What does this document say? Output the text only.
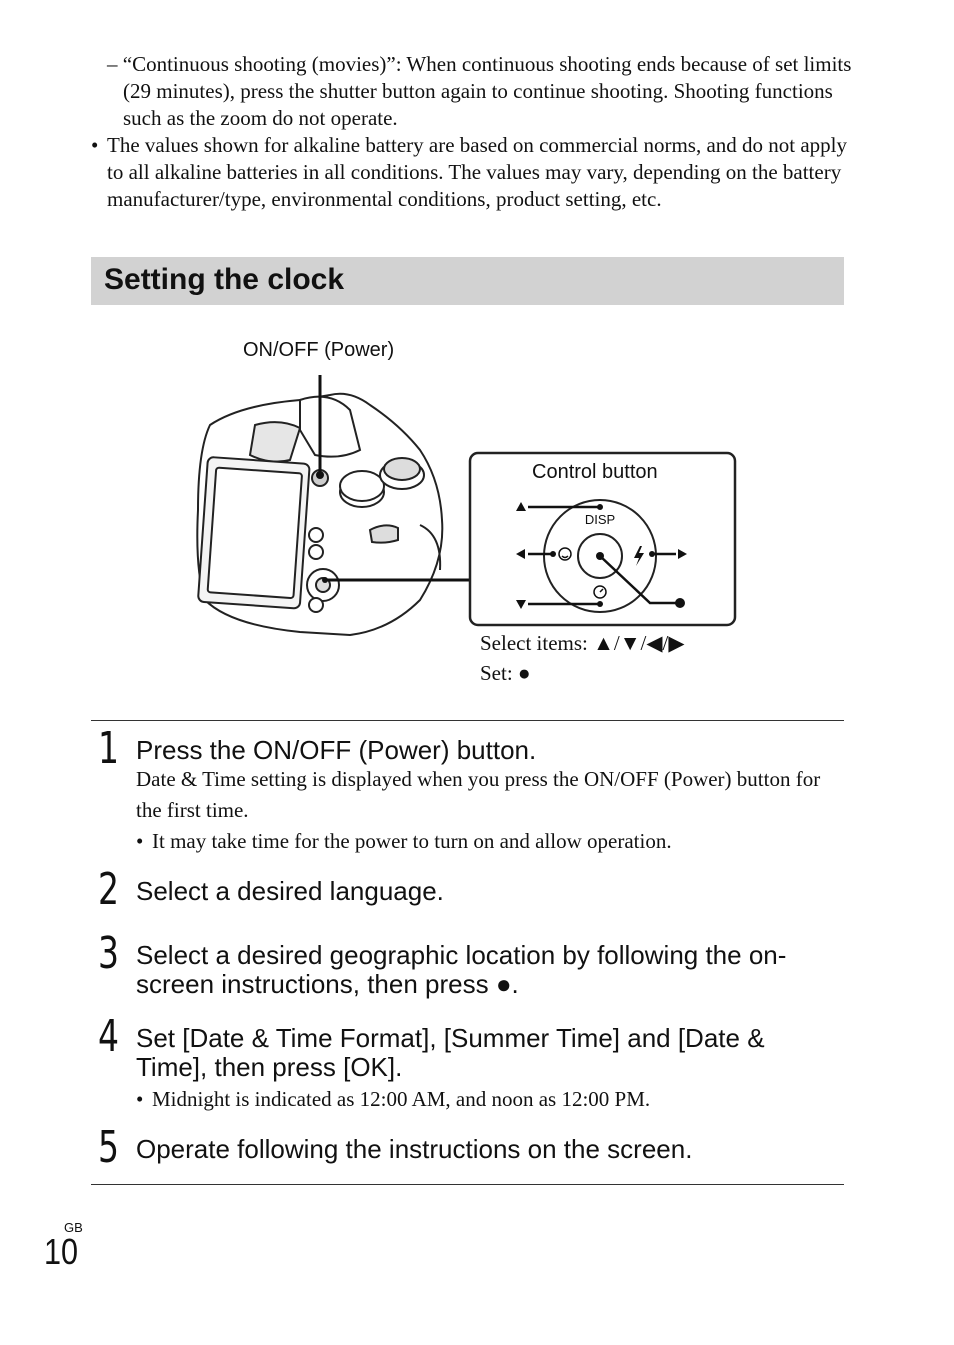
– “Continuous shooting (movies)”: When continuous shooting ends because of set limits (29 minutes), press the shutter button again to continue shooting. Shooting functions such as the zoom do not operate.
• The values shown for alkaline battery are based on commercial norms, and do not apply to all alkaline batteries in all conditions. The values may vary, depending on the battery manufacturer/type, environmental conditions, product setting, etc.
Setting the clock
ON/OFF (Power)
DISP
Control button
Select items: ▲/▼/◀/▶
Set: ●
1 Press the ON/OFF (Power) button.
Date & Time setting is displayed when you press the ON/OFF (Power) button for the first time.
• It may take time for the power to turn on and allow operation.
2 Select a desired language.
3 Select a desired geographic location by following the on-screen instructions, then press ●.
4 Set [Date & Time Format], [Summer Time] and [Date & Time], then press [OK].
• Midnight is indicated as 12:00 AM, and noon as 12:00 PM.
5 Operate following the instructions on the screen.
GB
10
